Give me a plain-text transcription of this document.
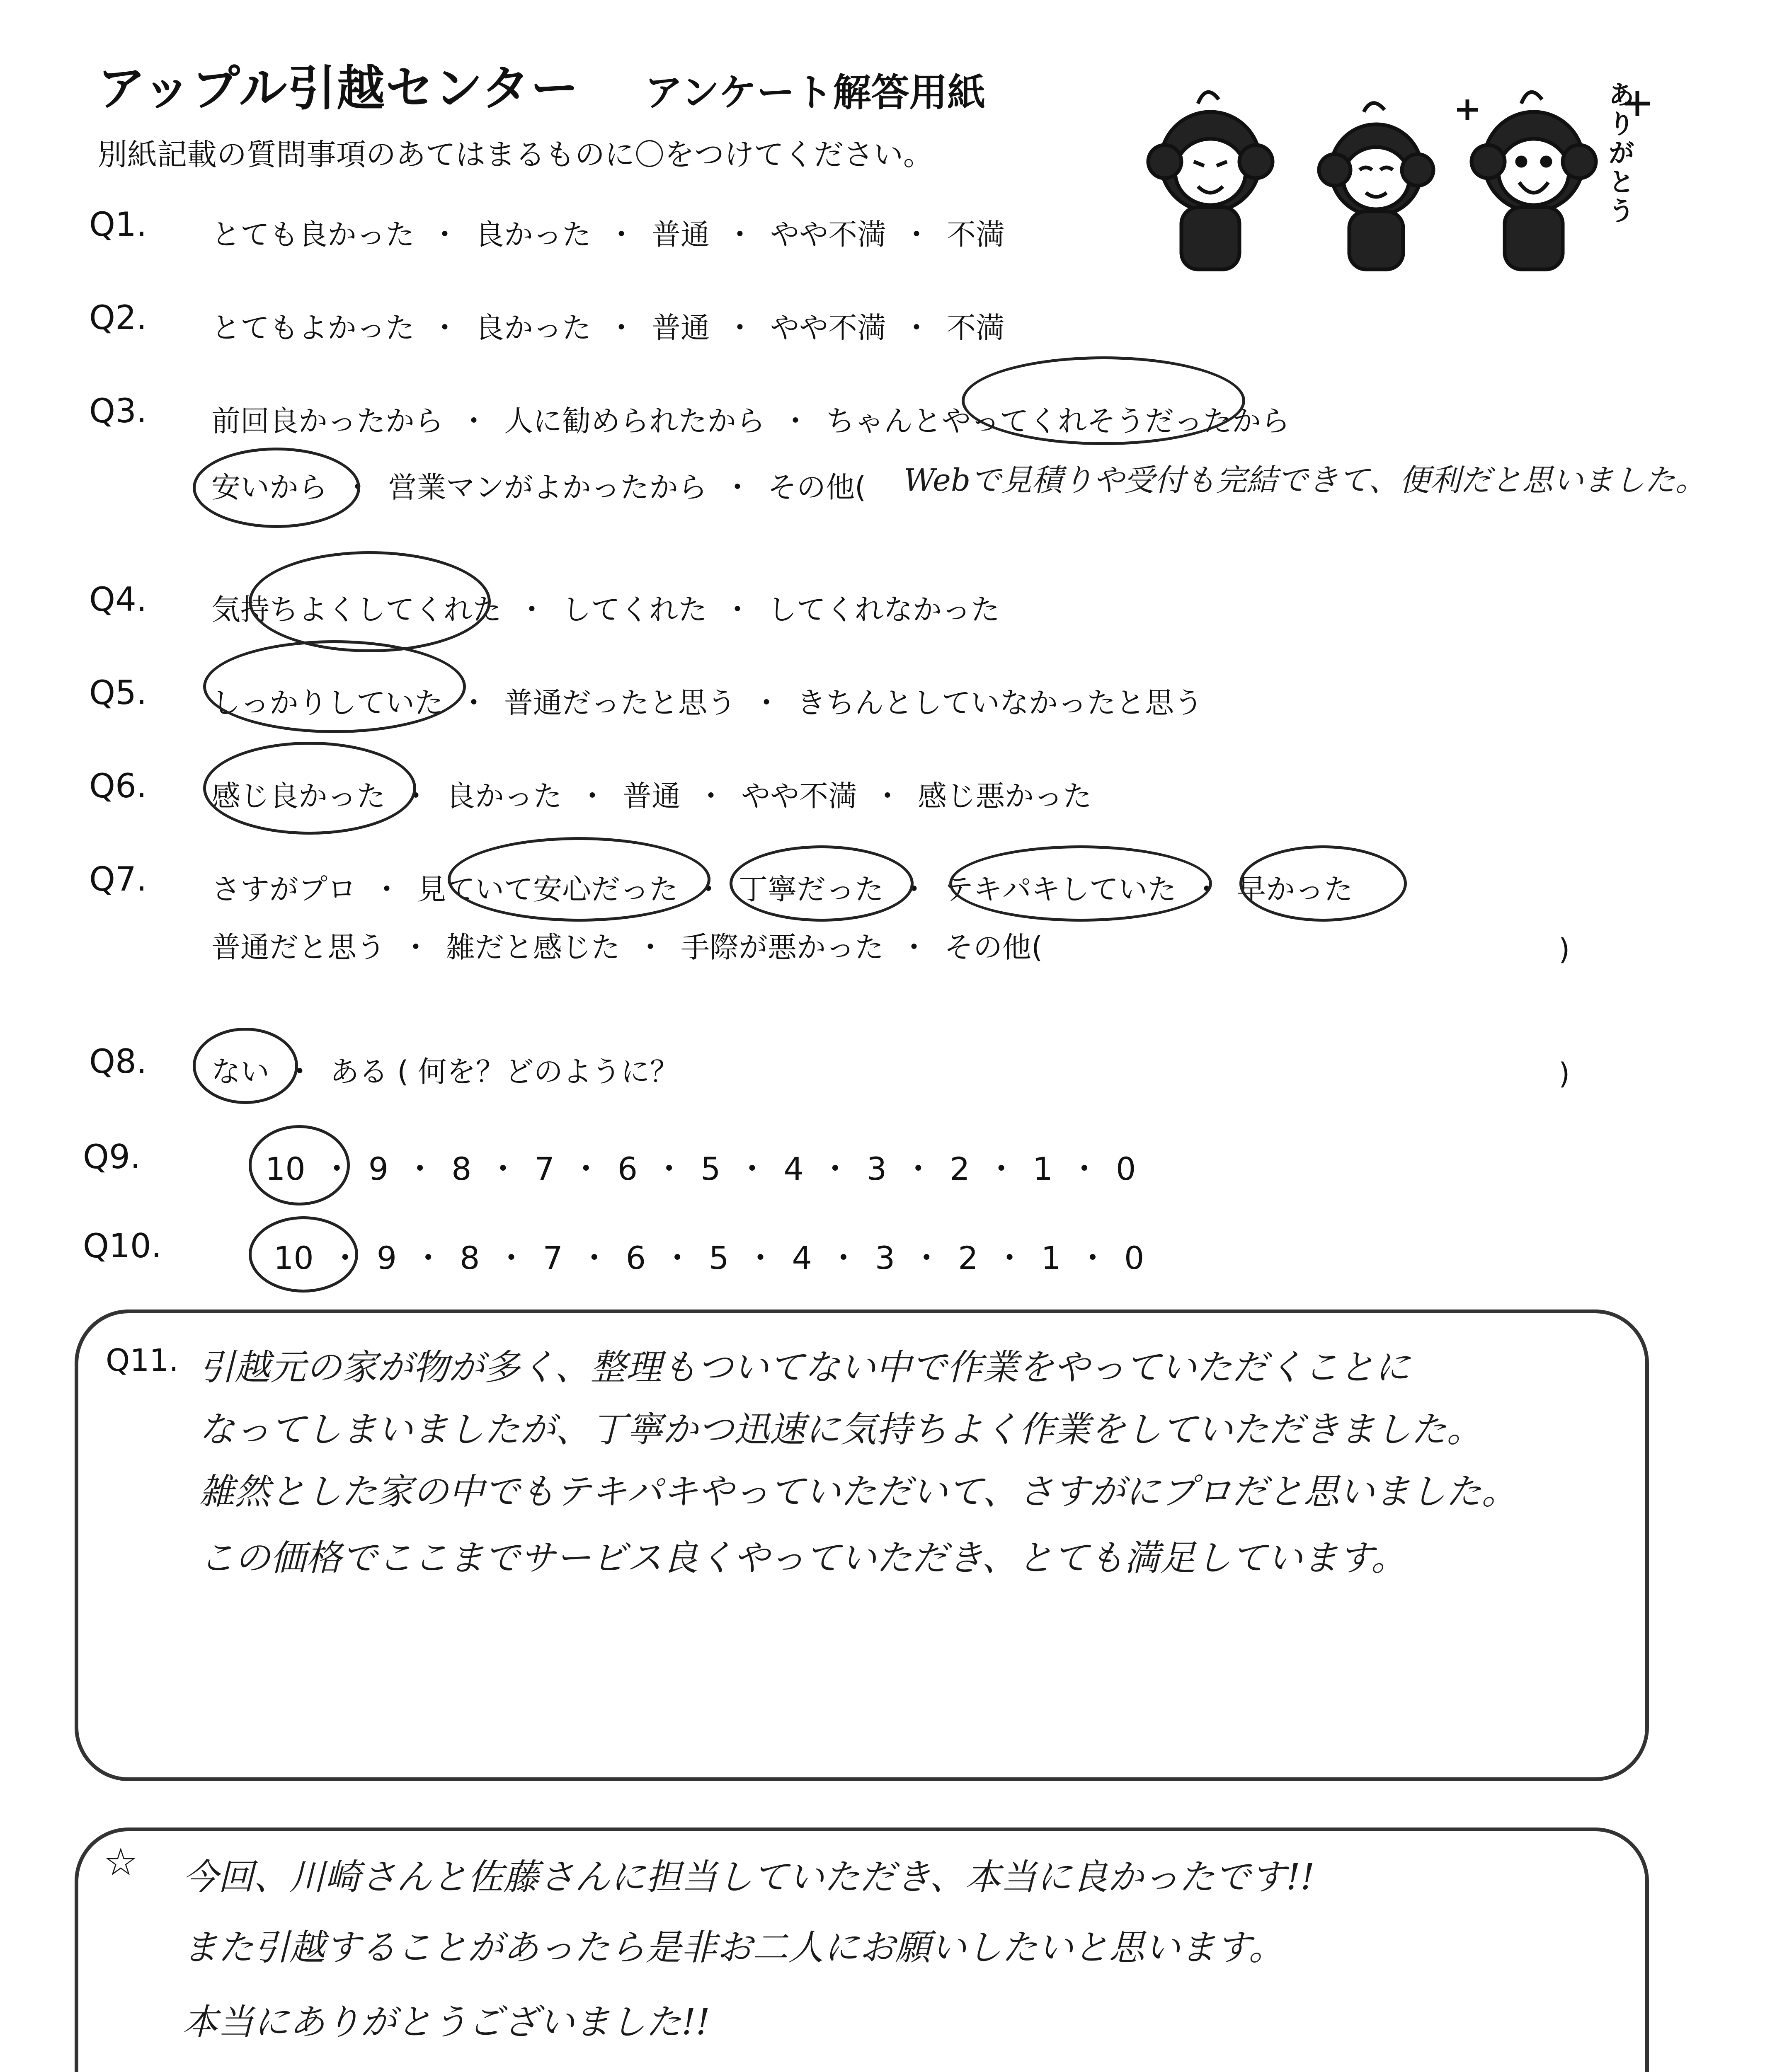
アップル引越センター アンケート解答用紙
別紙記載の質問事項のあてはまるものに〇をつけてください。	ありがとう
Q1. とても良かった ・ 良かった ・ 普通 ・ やや不満 ・ 不満
Q2. とてもよかった ・ 良かった ・ 普通 ・ やや不満 ・ 不満
Q3. 前回良かったから ・ 人に勧められたから ・ ちゃんとやってくれそうだったから
安いから ・ 営業マンがよかったから ・ その他( Webで見積りや受付も完結できて、便利だと思いました。
Q4. 気持ちよくしてくれた ・ してくれた ・ してくれなかった
Q5. しっかりしていた ・ 普通だったと思う ・ きちんとしていなかったと思う
Q6. 感じ良かった ・ 良かった ・ 普通 ・ やや不満 ・ 感じ悪かった
Q7. さすがプロ ・ 見ていて安心だった ・ 丁寧だった ・ テキパキしていた ・ 早かった
普通だと思う ・ 雑だと感じた ・ 手際が悪かった ・ その他(	)
Q8. ない ・ ある ( 何を？どのように？	)
Q9.	10 ・ 9 ・ 8 ・ 7 ・ 6 ・ 5 ・ 4 ・ 3 ・ 2 ・ 1 ・ 0
Q10.	10 ・ 9 ・ 8 ・ 7 ・ 6 ・ 5 ・ 4 ・ 3 ・ 2 ・ 1 ・ 0
Q11. 引越元の家が物が多く、整理もついてない中で作業をやっていただくことに
なってしまいましたが、丁寧かつ迅速に気持ちよく作業をしていただきました。
雑然とした家の中でもテキパキやっていただいて、さすがにプロだと思いました。
この価格でここまでサービス良くやっていただき、とても満足しています。
☆ 今回、川崎さんと佐藤さんに担当していただき、本当に良かったです!!
また引越することがあったら是非お二人にお願いしたいと思います。
本当にありがとうございました!!
